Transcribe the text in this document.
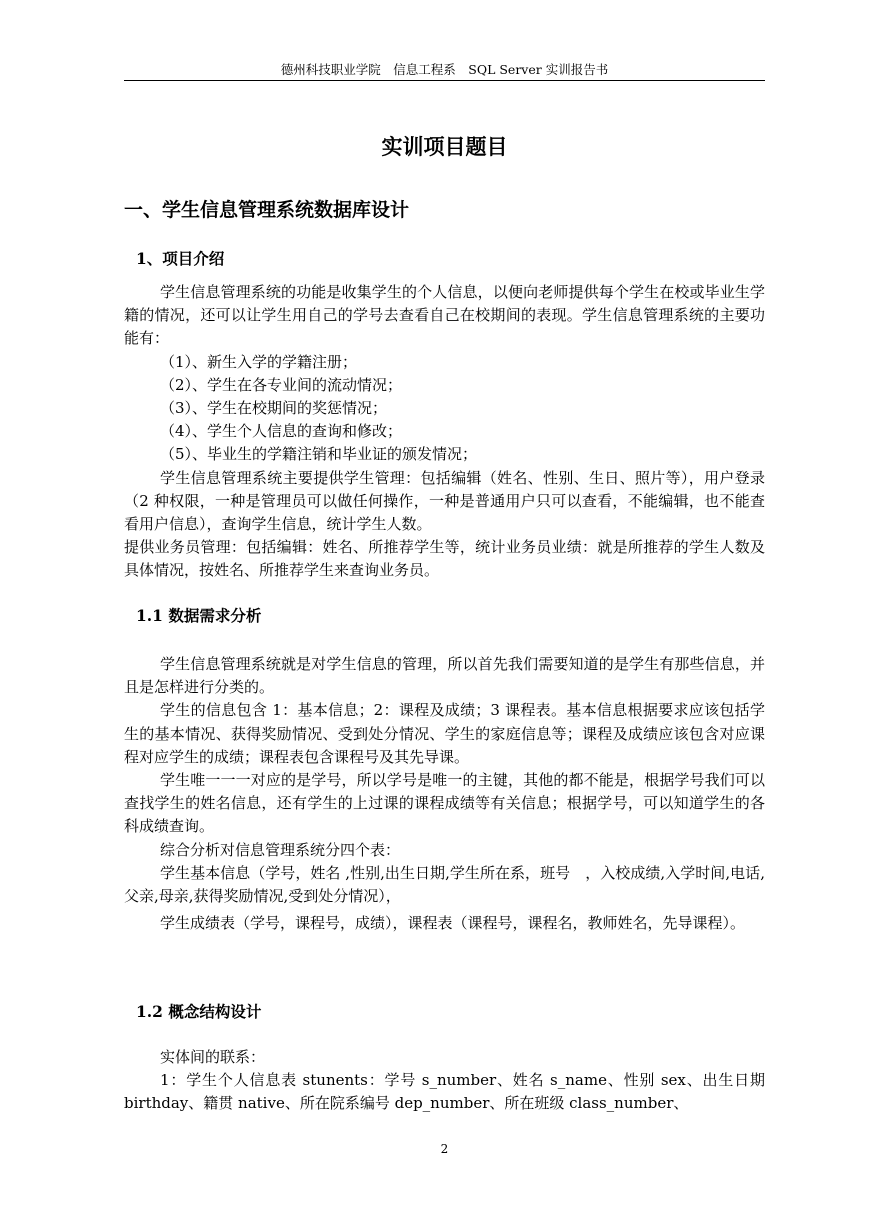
德州科技职业学院　信息工程系　SQL Server 实训报告书
实训项目题目
一、学生信息管理系统数据库设计
1、项目介绍

学生信息管理系统的功能是收集学生的个人信息，以便向老师提供每个学生在校或毕业生学籍的情况，还可以让学生用自己的学号去查看自己在校期间的表现。学生信息管理系统的主要功能有：

（1）、新生入学的学籍注册；

（2）、学生在各专业间的流动情况；

（3）、学生在校期间的奖惩情况；

（4）、学生个人信息的查询和修改；

（5）、毕业生的学籍注销和毕业证的颁发情况；

学生信息管理系统主要提供学生管理：包括编辑（姓名、性别、生日、照片等），用户登录（2 种权限，一种是管理员可以做任何操作，一种是普通用户只可以查看，不能编辑，也不能查看用户信息），查询学生信息，统计学生人数。

提供业务员管理：包括编辑：姓名、所推荐学生等，统计业务员业绩：就是所推荐的学生人数及具体情况，按姓名、所推荐学生来查询业务员。

1.1 数据需求分析

学生信息管理系统就是对学生信息的管理，所以首先我们需要知道的是学生有那些信息，并且是怎样进行分类的。

学生的信息包含 1：基本信息；2：课程及成绩；3 课程表。基本信息根据要求应该包括学生的基本情况、获得奖励情况、受到处分情况、学生的家庭信息等；课程及成绩应该包含对应课程对应学生的成绩；课程表包含课程号及其先导课。

学生唯一一一对应的是学号，所以学号是唯一的主键，其他的都不能是，根据学号我们可以查找学生的姓名信息，还有学生的上过课的课程成绩等有关信息；根据学号，可以知道学生的各科成绩查询。

综合分析对信息管理系统分四个表：

学生基本信息（学号，姓名 ,性别,出生日期,学生所在系，班号　，入校成绩,入学时间,电话,父亲,母亲,获得奖励情况,受到处分情况），

学生成绩表（学号，课程号，成绩），课程表（课程号，课程名，教师姓名，先导课程）。

1.2 概念结构设计

实体间的联系：

1：学生个人信息表 stunents：学号 s_number、姓名 s_name、性别 sex、出生日期 birthday、籍贯 native、所在院系编号 dep_number、所在班级 class_number、

2
